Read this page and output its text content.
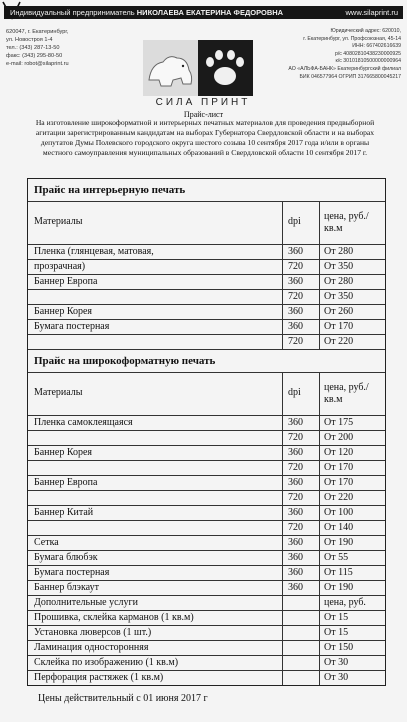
Индивидуальный предприниматель НИКОЛАЕВА ЕКАТЕРИНА ФЕДОРОВНА	www.silaprint.ru
620047, г. Екатеринбург,
ул. Новостроя 1-4
тел.: (343) 287-13-50
факс: (343) 295-80-50
e-mail: robot@silaprint.ru
Юридический адрес: 620010,
г. Екатеринбург, ул. Профсоюзная, 45-14
ИНН: 667402616639
р/с 40802810438230000925
к/с 30101810500000000964
АО «АЛЬФА-БАНК» Екатеринбургский филиал
БИК 046577964 ОГРИП 317665800045217
СИЛА ПРИНТ
Прайс-лист
На изготовление широкоформатной и интерьерных печатных материалов для проведения предвыборной агитации зарегистрированным кандидатам на выборах Губернатора Свердловской области и на выборах депутатов Думы Полевского городского округа шестого созыва 10 сентября 2017 года и/или в органы местного самоуправления муниципальных образований в Свердловской области 10 сентября 2017 г.
Прайс на интерьерную печать
Материалы	dpi	цена, руб./кв.м
Пленка (глянцевая, матовая,	360	От 280
прозрачная)	720	От 350
Баннер Европа	360	От 280
720	От 350
Баннер Корея	360	От 260
Бумага постерная	360	От 170
720	От 220
Прайс на широкоформатную печать
Материалы	dpi	цена, руб./кв.м
Пленка самоклеящаяся	360	От 175
720	От 200
Баннер Корея	360	От 120
720	От 170
Баннер Европа	360	От 170
720	От 220
Баннер Китай	360	От 100
720	От 140
Сетка	360	От 190
Бумага блюбэк	360	От 55
Бумага постерная	360	От 115
Баннер блэкаут	360	От 190
Дополнительные услуги	цена, руб.
Прошивка, склейка карманов (1 кв.м)	От 15
Установка люверсов (1 шт.)	От 15
Ламинация односторонняя	От 150
Склейка по изображению (1 кв.м)	От 30
Перфорация растяжек (1 кв.м)	От 30
Цены действительный с 01 июня 2017 г
